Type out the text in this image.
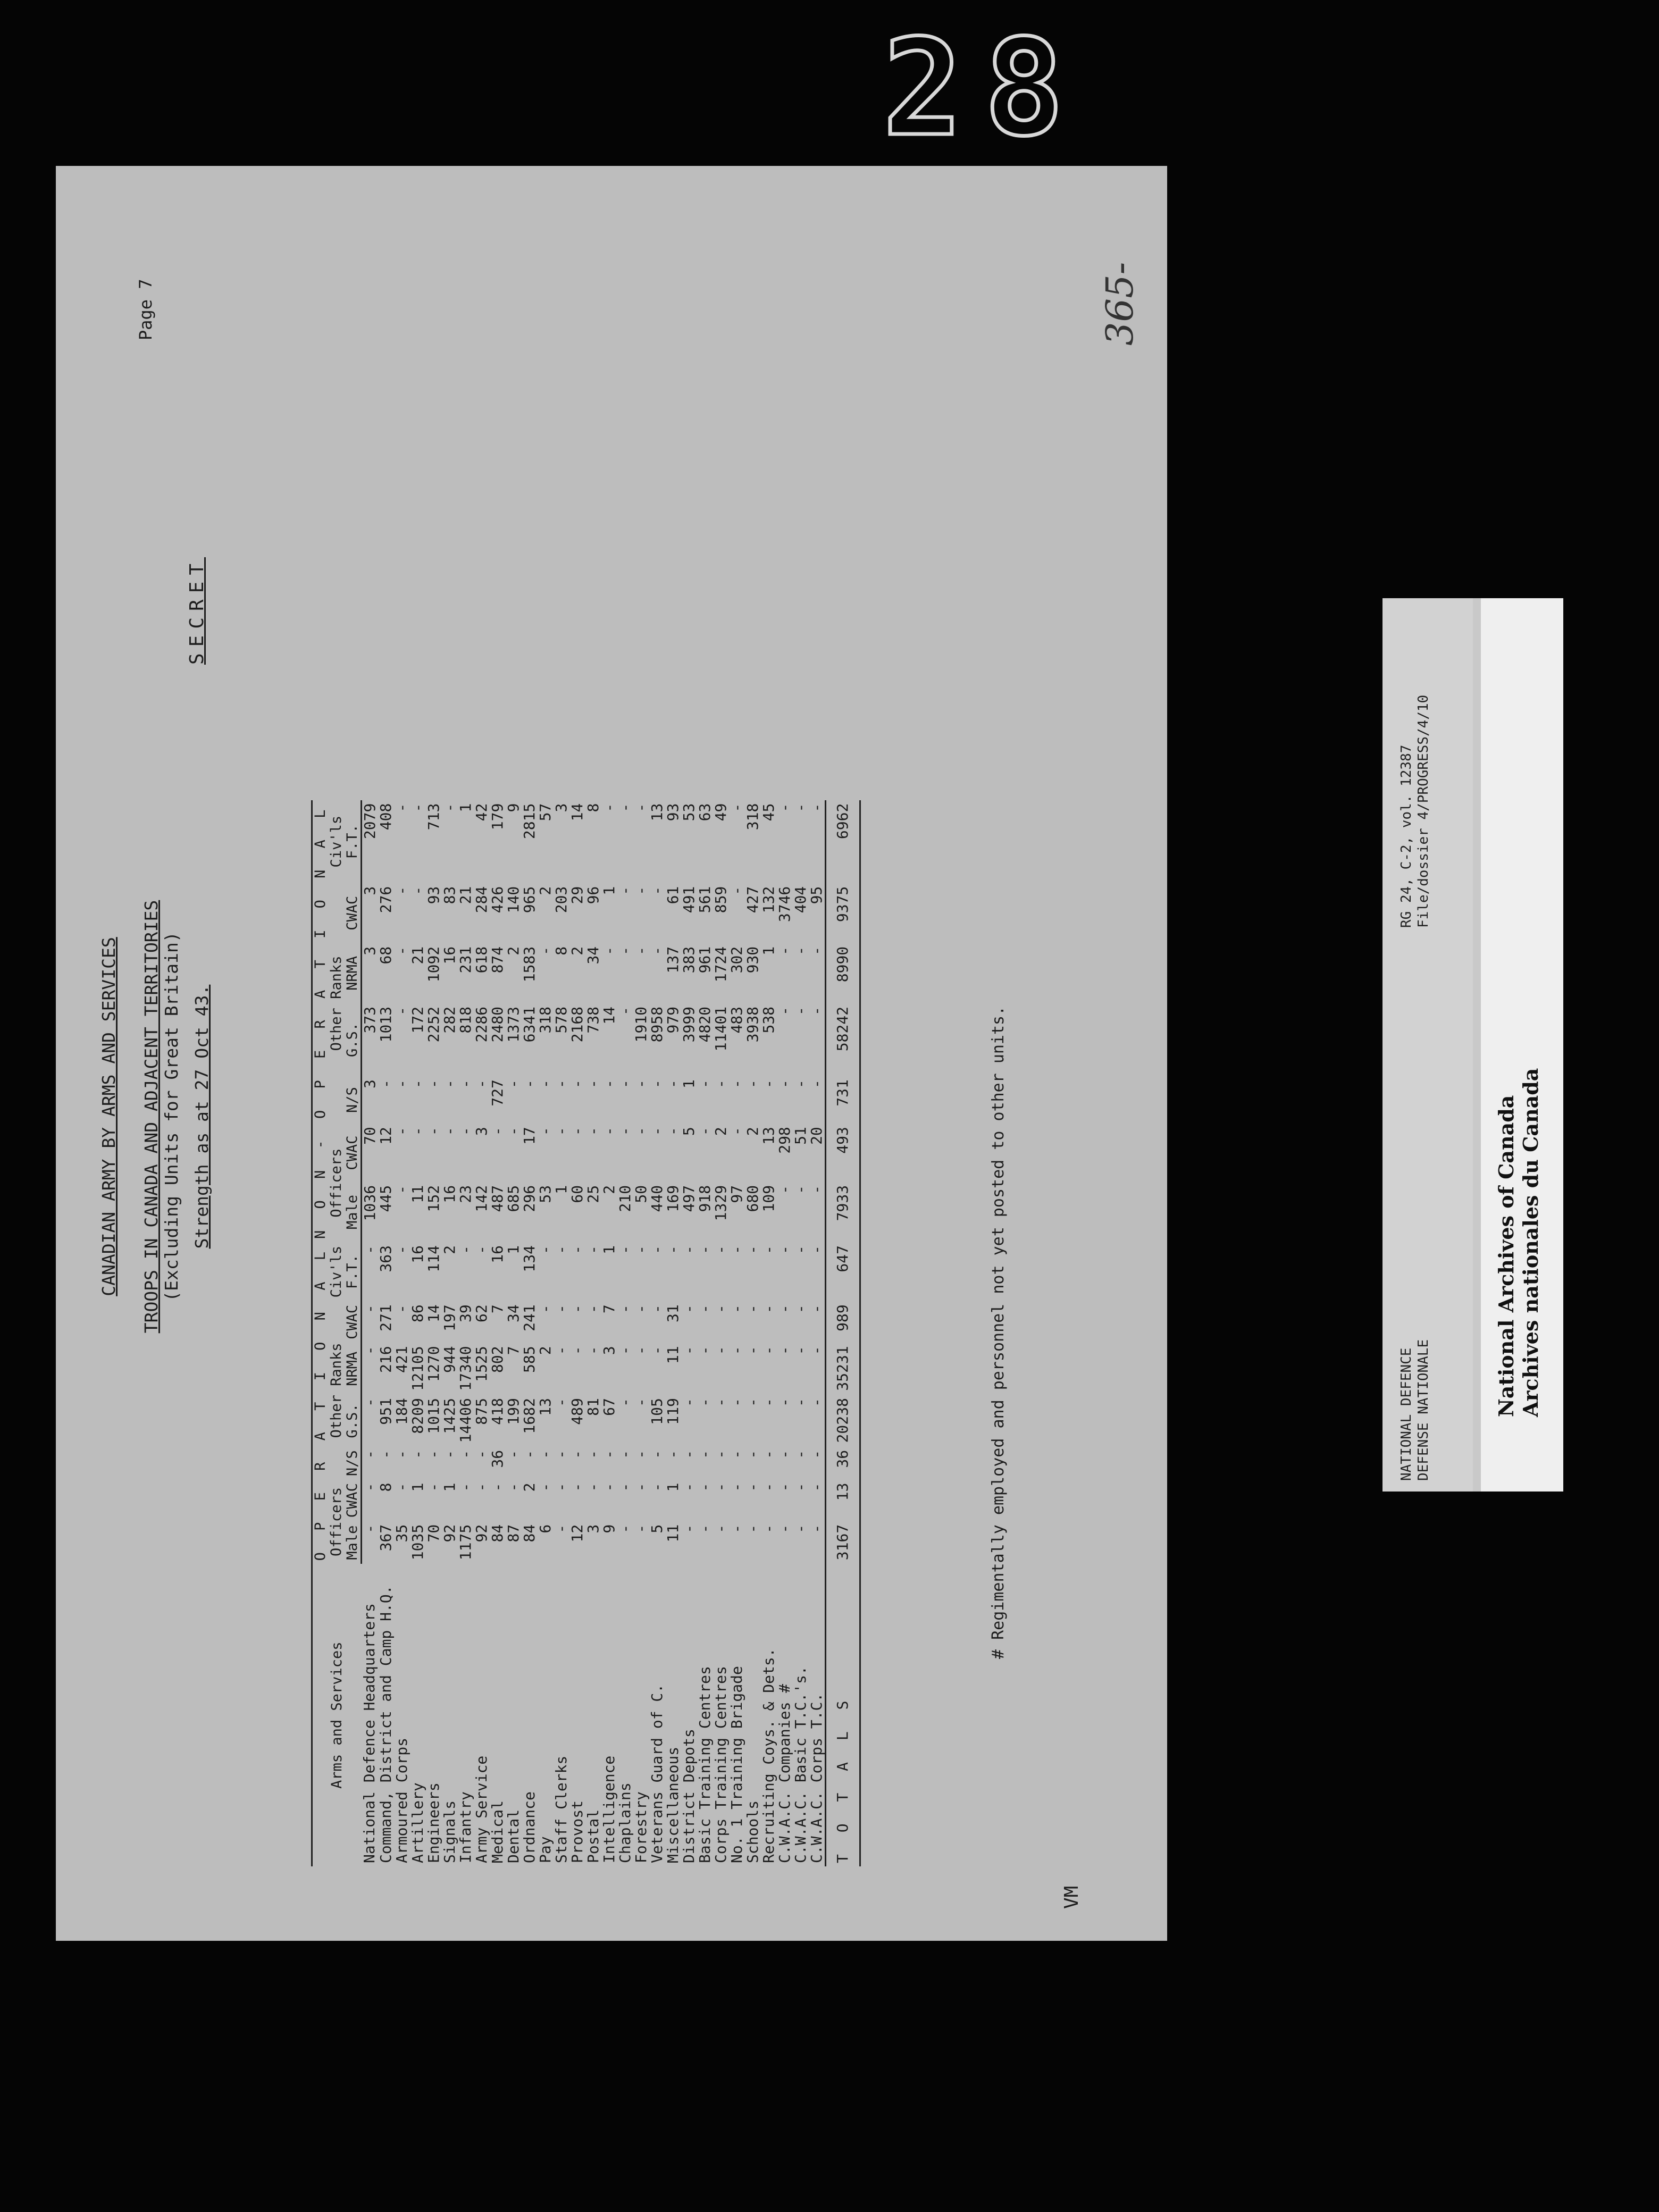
28
VM
Page 7
SECRET
365-
CANADIAN ARMY BY ARMS AND SERVICES TROOPS IN CANADA AND ADJACENT TERRITORIES (Excluding Units for Great Britain) Strength as at 27 Oct 43.
Arms and Services	O P E R A T I O N A L							N O N - O P E R A T I O N A L						
	Officers		Other Ranks				Civ'ls	Officers		Other Ranks				Civ'ls
	Male	CWAC	N/S	G.S.	NRMA	CWAC	F.T.	Male	CWAC	N/S	G.S.	NRMA	CWAC	F.T.
National Defence Headquarters	-	-	-	-	-	-	-	1036	70	3	373	3	3	2079
Command, District and Camp H.Q.	367	8	-	951	216	271	363	445	12	-	1013	68	276	408
Armoured Corps	35	-	-	184	421	-	-	-	-	-	-	-	-	-
Artillery	1035	1	-	8209	12105	86	16	11	-	-	172	21	-	-
Engineers	70	-	-	1015	1270	14	114	152	-	-	2252	1092	93	713
Signals	92	1	-	1425	944	197	2	16	-	-	282	16	83	-
Infantry	1175	-	-	14406	17340	39	-	23	-	-	818	231	21	1
Army Service	92	-	-	875	1525	62	-	142	3	-	2286	618	284	42
Medical	84	-	36	418	802	7	16	487	-	727	2480	874	426	179
Dental	87	-	-	199	7	34	1	685	-	-	1373	2	140	9
Ordnance	84	2	-	1682	585	241	134	296	17	-	6341	1583	965	2815
Pay	6	-	-	13	2	-	-	53	-	-	318	-	2	57
Staff Clerks	-	-	-	-	-	-	-	1	-	-	578	8	203	3
Provost	12	-	-	489	-	-	-	60	-	-	2168	2	29	14
Postal	3	-	-	81	-	-	-	25	-	-	738	34	96	8
Intelligence	9	-	-	67	3	7	1	2	-	-	14	-	1	-
Chaplains	-	-	-	-	-	-	-	210	-	-	-	-	-	-
Forestry	-	-	-	-	-	-	-	50	-	-	1910	-	-	-
Veterans Guard of C.	5	-	-	105	-	-	-	440	-	-	8958	-	-	13
Miscellaneous	11	1	-	119	11	31	-	169	-	-	979	137	61	93
District Depots	-	-	-	-	-	-	-	497	5	1	3999	383	491	53
Basic Training Centres	-	-	-	-	-	-	-	918	-	-	4820	961	561	63
Corps Training Centres	-	-	-	-	-	-	-	1329	2	-	11401	1724	859	49
No. 1 Training Brigade	-	-	-	-	-	-	-	97	-	-	483	302	-	-
Schools	-	-	-	-	-	-	-	680	2	-	3938	930	427	318
Recruiting Coys. & Dets.	-	-	-	-	-	-	-	109	13	-	538	1	132	45
C.W.A.C. Companies #	-	-	-	-	-	-	-	-	298	-	-	-	3746	-
C.W.A.C. Basic T.C.'s.	-	-	-	-	-	-	-	-	51	-	-	-	404	-
C.W.A.C. Corps T.C.	-	-	-	-	-	-	-	-	20	-	-	-	95	-
T O T A L S	3167	13	36	20238	35231	989	647	7933	493	731	58242	8990	9375	6962
# Regimentally employed and personnel not yet posted to other units.	NATIONAL DEFENCE DEFENSE NATIONALE
RG 24, C-2, vol. 12387 File/dossier 4/PROGRESS/4/10
National Archives of Canada Archives nationales du Canada
